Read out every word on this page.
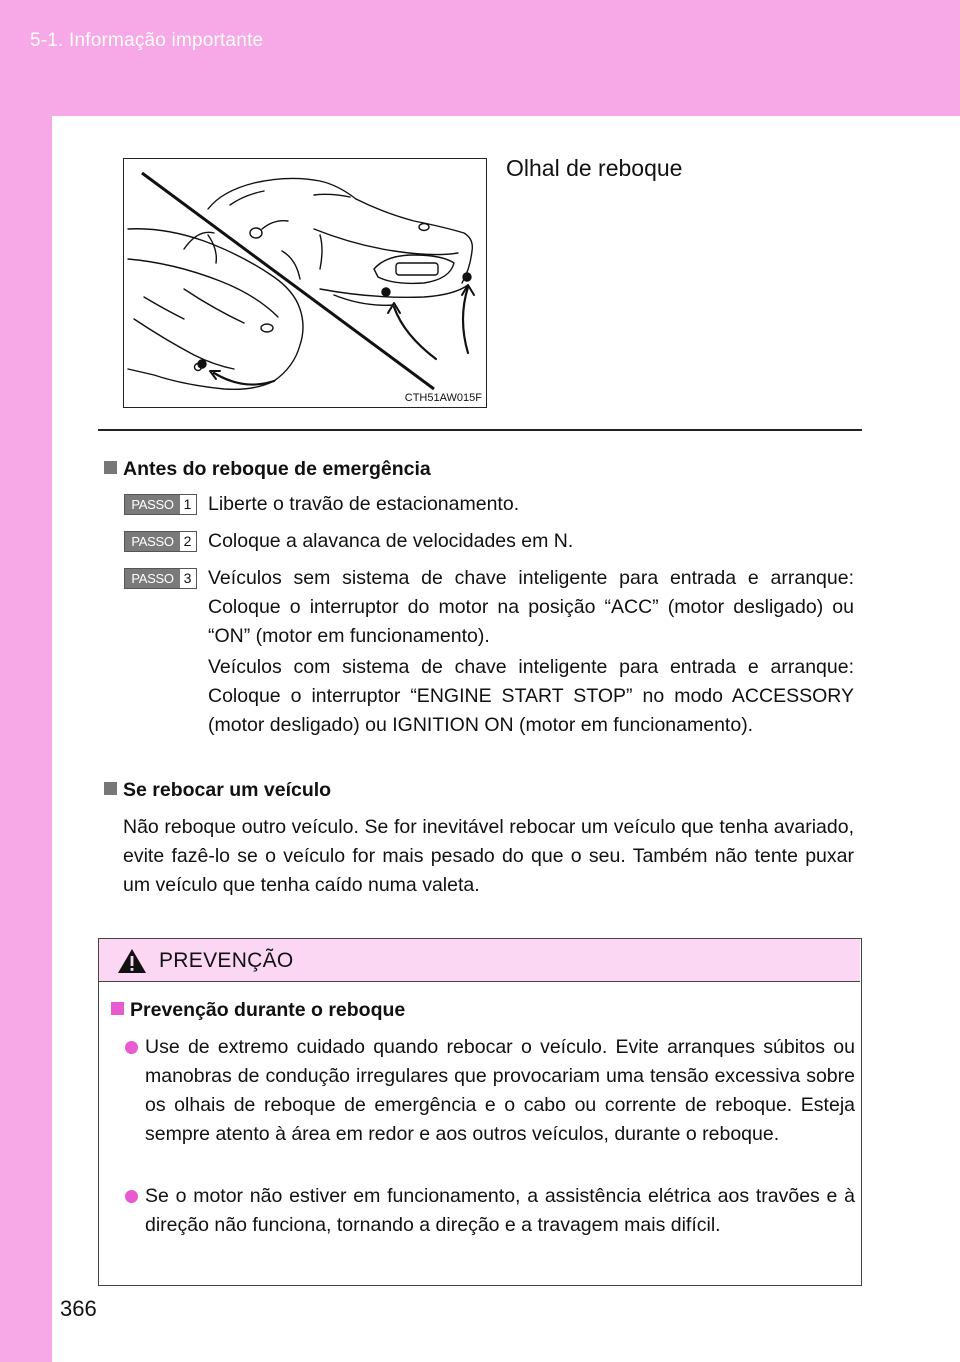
5-1. Informação importante
CTH51AW015F
Olhal de reboque
Antes do reboque de emergência
PASSO 1 Liberte o travão de estacionamento.
PASSO 2 Coloque a alavanca de velocidades em N.
PASSO 3 Veículos sem sistema de chave inteligente para entrada e arranque: Coloque o interruptor do motor na posição “ACC” (motor desligado) ou “ON” (motor em funcionamento).
Veículos com sistema de chave inteligente para entrada e arranque: Coloque o interruptor “ENGINE START STOP” no modo ACCESSORY (motor desligado) ou IGNITION ON (motor em funcionamento).
Se rebocar um veículo
Não reboque outro veículo. Se for inevitável rebocar um veículo que tenha avariado, evite fazê-lo se o veículo for mais pesado do que o seu. Também não tente puxar um veículo que tenha caído numa valeta.
PREVENÇÃO
Prevenção durante o reboque
Use de extremo cuidado quando rebocar o veículo. Evite arranques súbitos ou manobras de condução irregulares que provocariam uma tensão excessiva sobre os olhais de reboque de emergência e o cabo ou corrente de reboque. Esteja sempre atento à área em redor e aos outros veículos, durante o reboque.
Se o motor não estiver em funcionamento, a assistência elétrica aos travões e à direção não funciona, tornando a direção e a travagem mais difícil.
366
